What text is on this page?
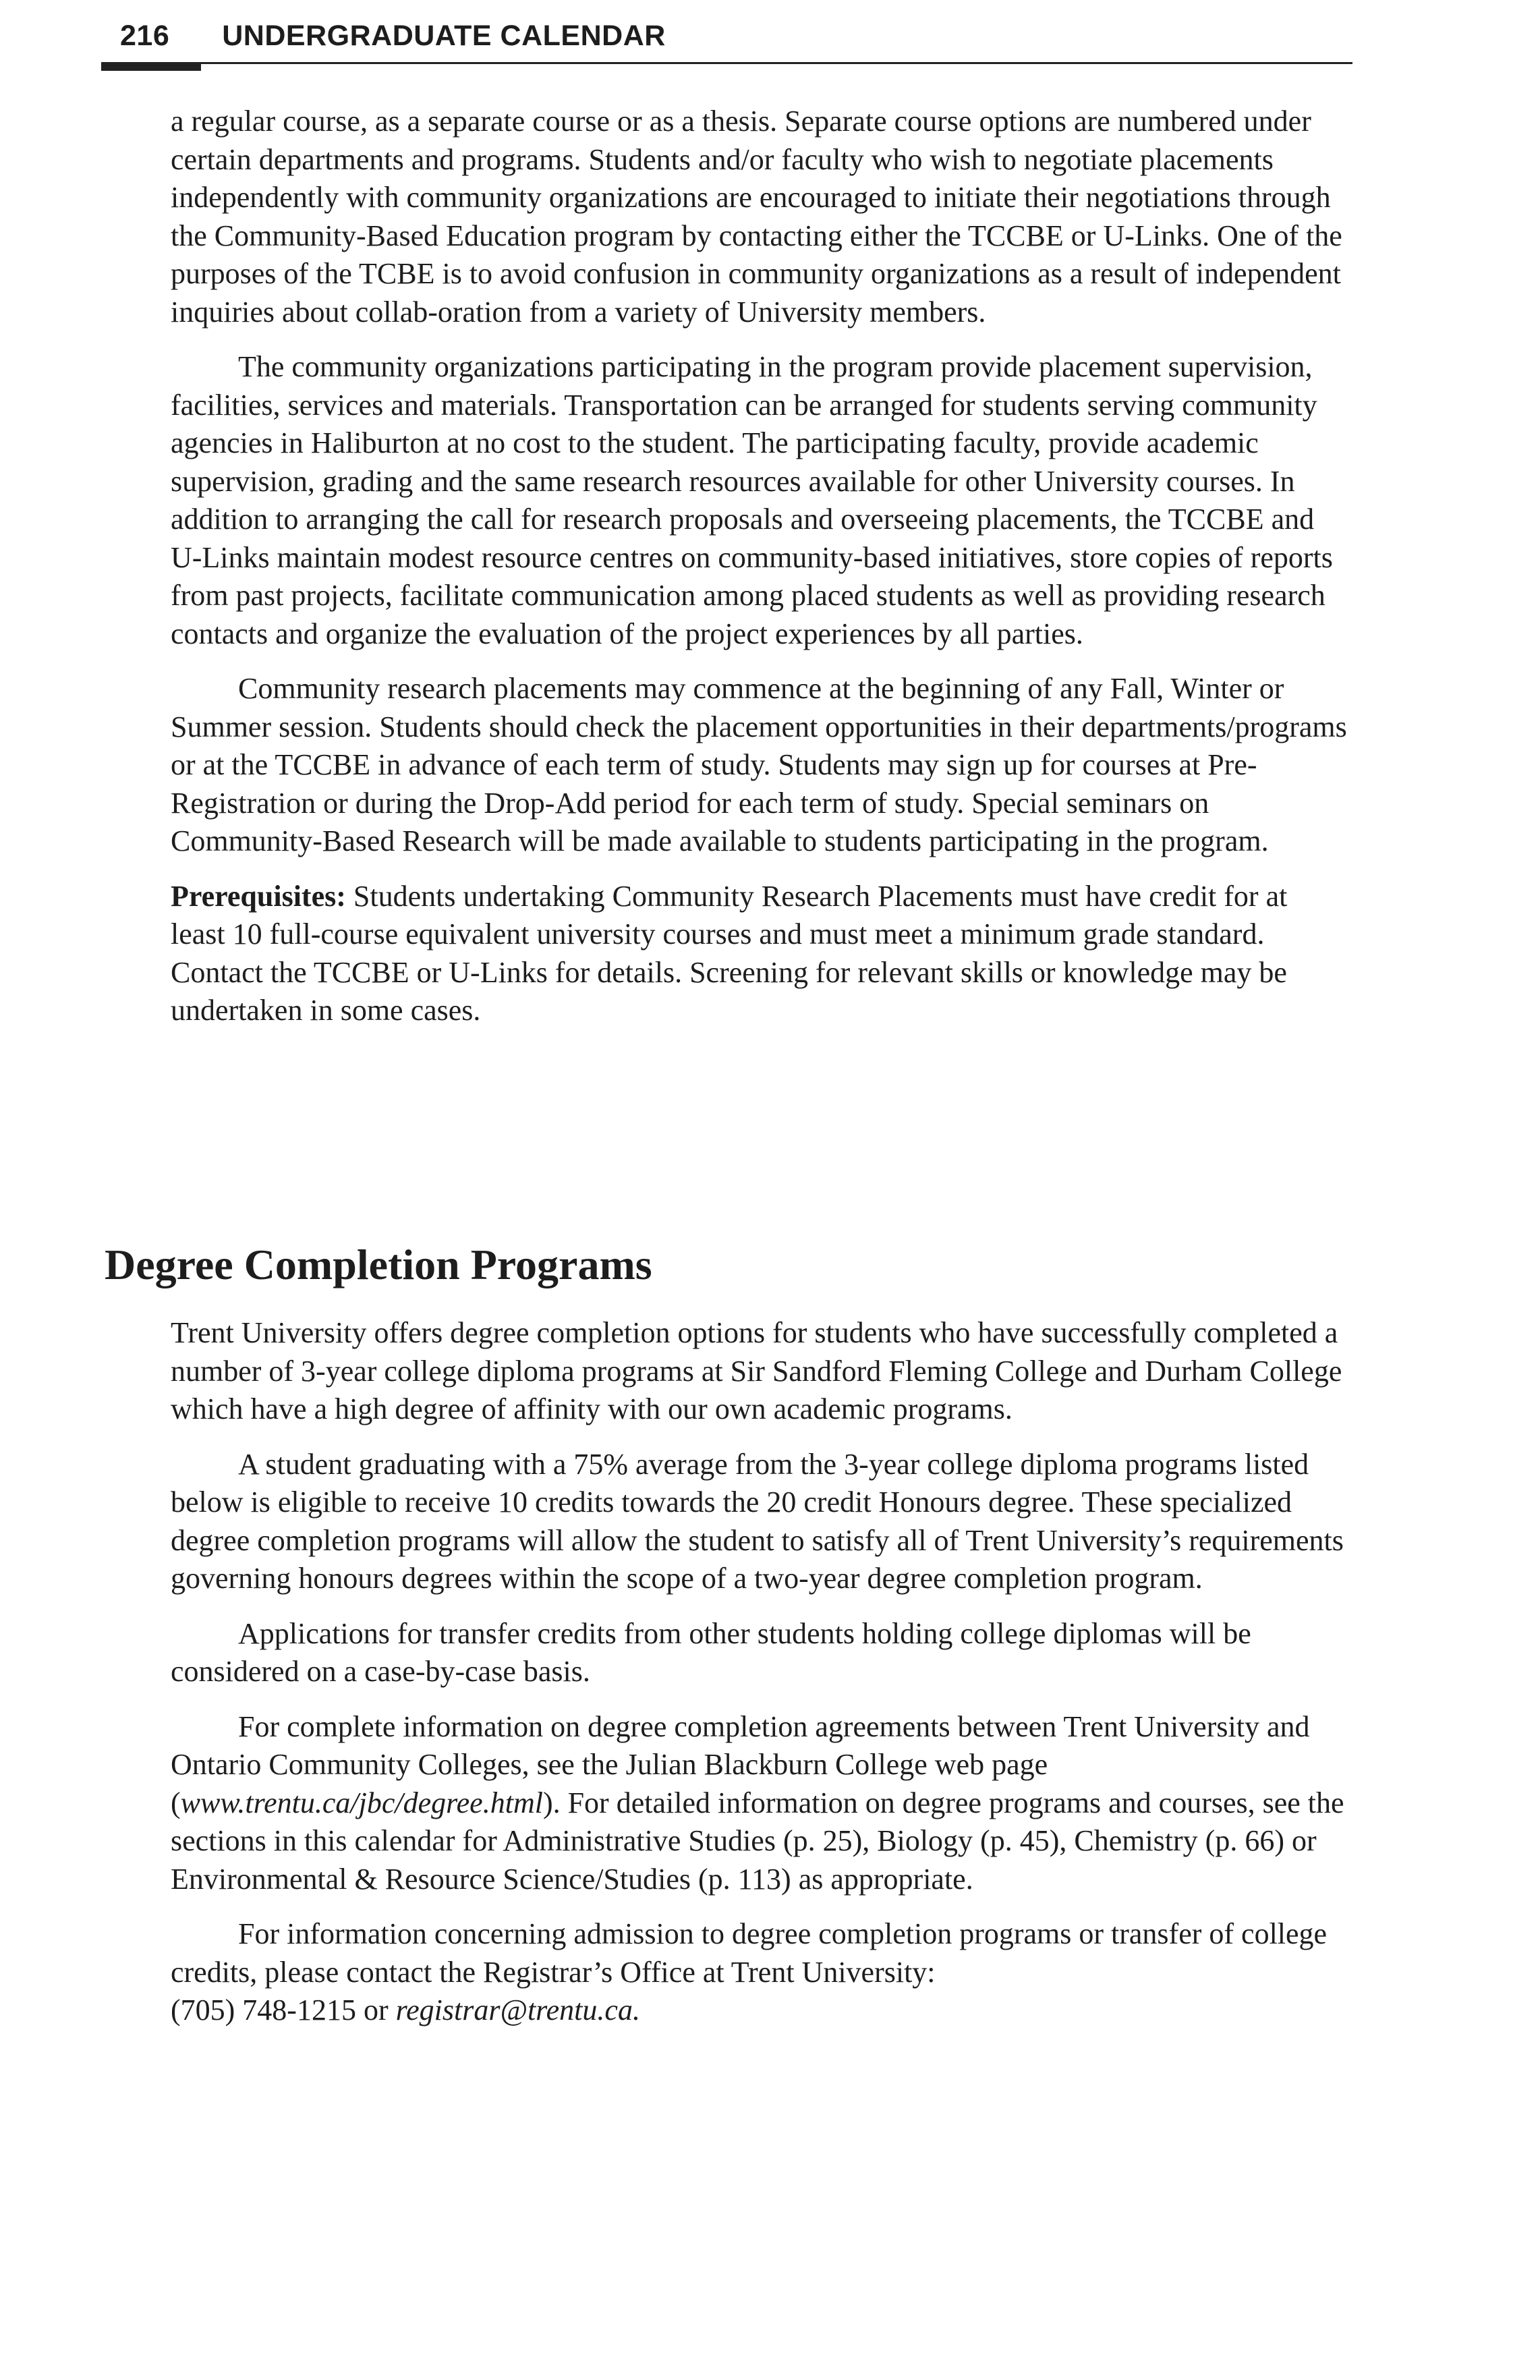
216 UNDERGRADUATE CALENDAR

a regular course, as a separate course or as a thesis. Separate course options are numbered under certain departments and programs. Students and/or faculty who wish to negotiate placements independently with community organizations are encouraged to initiate their negotiations through the Community-Based Education program by contacting either the TCCBE or U-Links. One of the purposes of the TCBE is to avoid confusion in community organizations as a result of independent inquiries about collab-oration from a variety of University members.

The community organizations participating in the program provide placement supervision, facilities, services and materials. Transportation can be arranged for students serving community agencies in Haliburton at no cost to the student. The participating faculty, provide academic supervision, grading and the same research resources available for other University courses. In addition to arranging the call for research proposals and overseeing placements, the TCCBE and U-Links maintain modest resource centres on community-based initiatives, store copies of reports from past projects, facilitate communication among placed students as well as providing research contacts and organize the evaluation of the project experiences by all parties.

Community research placements may commence at the beginning of any Fall, Winter or Summer session. Students should check the placement opportunities in their departments/programs or at the TCCBE in advance of each term of study. Students may sign up for courses at Pre-Registration or during the Drop-Add period for each term of study. Special seminars on Community-Based Research will be made available to students participating in the program.

Prerequisites: Students undertaking Community Research Placements must have credit for at least 10 full-course equivalent university courses and must meet a minimum grade standard. Contact the TCCBE or U-Links for details. Screening for relevant skills or knowledge may be undertaken in some cases.

Degree Completion Programs

Trent University offers degree completion options for students who have successfully completed a number of 3-year college diploma programs at Sir Sandford Fleming College and Durham College which have a high degree of affinity with our own academic programs.

A student graduating with a 75% average from the 3-year college diploma programs listed below is eligible to receive 10 credits towards the 20 credit Honours degree. These specialized degree completion programs will allow the student to satisfy all of Trent University’s requirements governing honours degrees within the scope of a two-year degree completion program.

Applications for transfer credits from other students holding college diplomas will be considered on a case-by-case basis.

For complete information on degree completion agreements between Trent University and Ontario Community Colleges, see the Julian Blackburn College web page (www.trentu.ca/jbc/degree.html). For detailed information on degree programs and courses, see the sections in this calendar for Administrative Studies (p. 25), Biology (p. 45), Chemistry (p. 66) or Environmental & Resource Science/Studies (p. 113) as appropriate.

For information concerning admission to degree completion programs or transfer of college credits, please contact the Registrar’s Office at Trent University:
(705) 748-1215 or registrar@trentu.ca.
